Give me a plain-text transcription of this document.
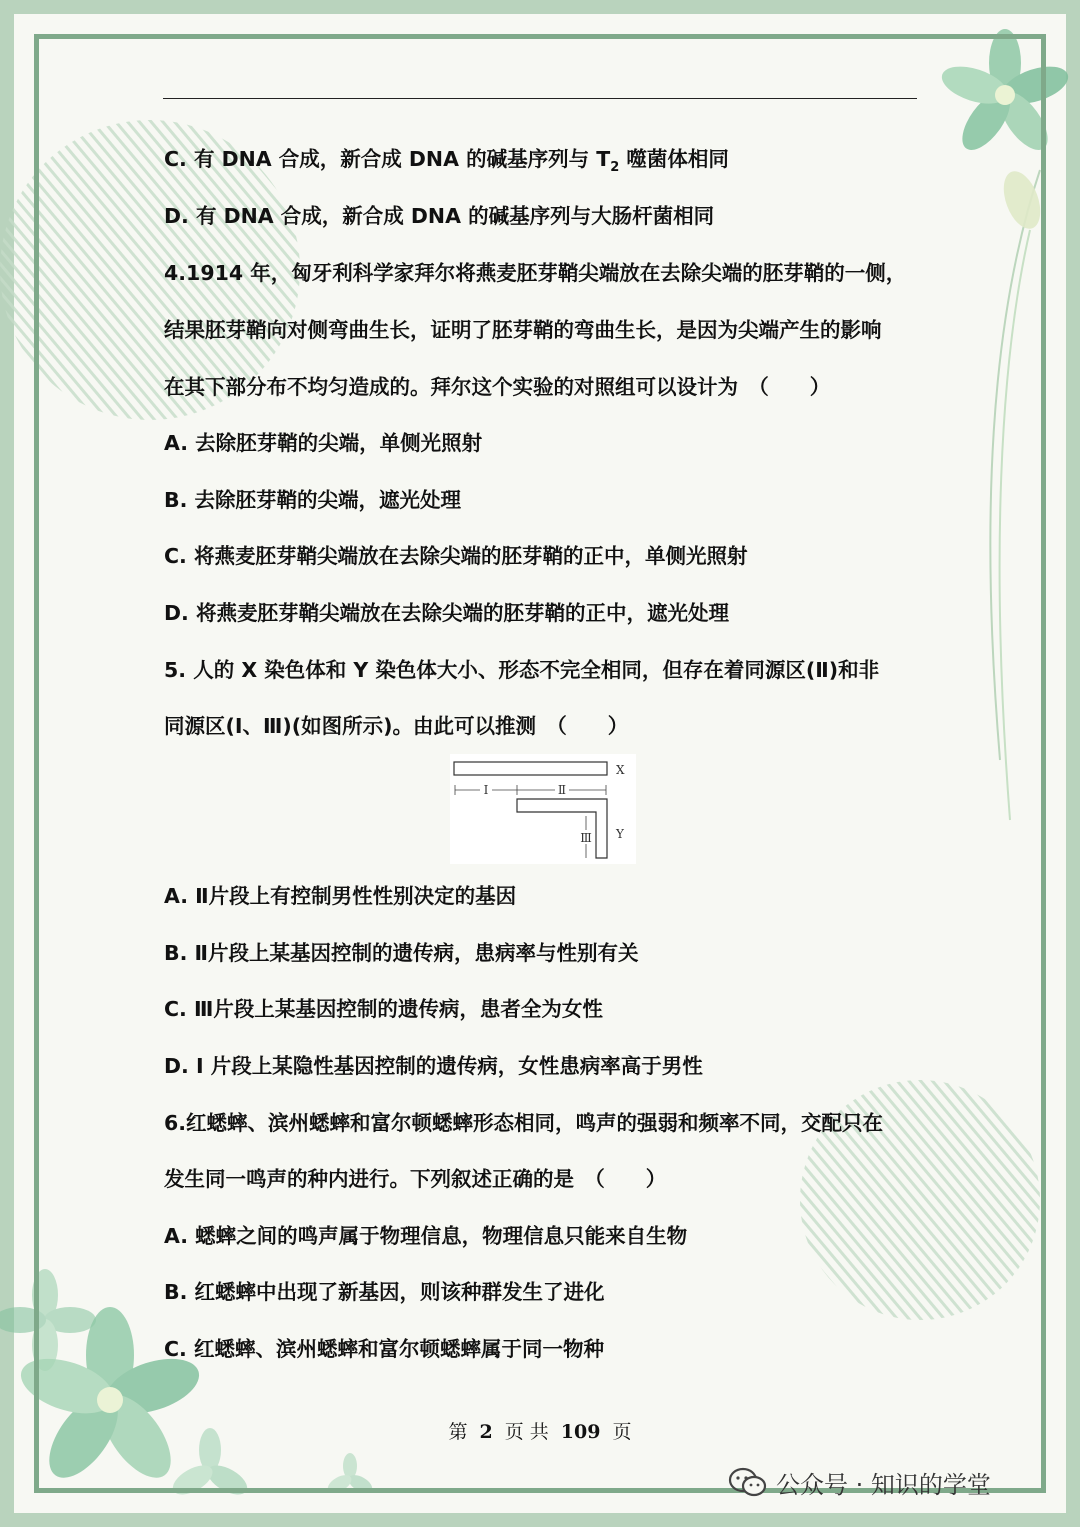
C. 有 DNA 合成，新合成 DNA 的碱基序列与 $T_2$ 噬菌体相同
D. 有 DNA 合成，新合成 DNA 的碱基序列与大肠杆菌相同
4.1914 年，匈牙利科学家拜尔将燕麦胚芽鞘尖端放在去除尖端的胚芽鞘的一侧，
结果胚芽鞘向对侧弯曲生长，证明了胚芽鞘的弯曲生长，是因为尖端产生的影响
在其下部分布不均匀造成的。拜尔这个实验的对照组可以设计为　（　　）
A. 去除胚芽鞘的尖端，单侧光照射
B. 去除胚芽鞘的尖端，遮光处理
C. 将燕麦胚芽鞘尖端放在去除尖端的胚芽鞘的正中，单侧光照射
D. 将燕麦胚芽鞘尖端放在去除尖端的胚芽鞘的正中，遮光处理
5. 人的 X 染色体和 Y 染色体大小、形态不完全相同，但存在着同源区(Ⅱ)和非
同源区(Ⅰ、Ⅲ)(如图所示)。由此可以推测　（　　）
Ⅰ	Ⅱ
Ⅲ
X
Y
A. Ⅱ片段上有控制男性性别决定的基因
B. Ⅱ片段上某基因控制的遗传病，患病率与性别有关
C. Ⅲ片段上某基因控制的遗传病，患者全为女性
D. Ⅰ 片段上某隐性基因控制的遗传病，女性患病率高于男性
6.红蟋蟀、滨州蟋蟀和富尔顿蟋蟀形态相同，鸣声的强弱和频率不同，交配只在
发生同一鸣声的种内进行。下列叙述正确的是　（　　）
A. 蟋蟀之间的鸣声属于物理信息，物理信息只能来自生物
B. 红蟋蟀中出现了新基因，则该种群发生了进化
C. 红蟋蟀、滨州蟋蟀和富尔顿蟋蟀属于同一物种
第 2 页 共 109 页
公众号 · 知识的学堂
